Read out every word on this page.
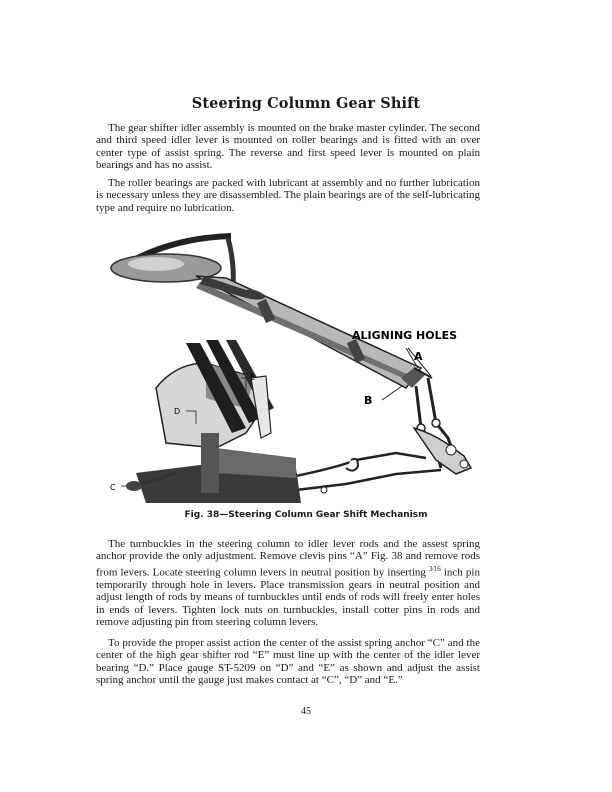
Steering Column Gear Shift
The gear shifter idler assembly is mounted on the brake master cylinder. The second and third speed idler lever is mounted on roller bearings and is fitted with an over center type of assist spring. The reverse and first speed lever is mounted on plain bearings and has no assist.
The roller bearings are packed with lubricant at assembly and no further lubrication is necessary unless they are disassembled. The plain bearings are of the self-lubricating type and require no lubrication.
ALIGNING HOLES
A
B
C
D
E
Fig. 38—Steering Column Gear Shift Mechanism
The turnbuckles in the steering column to idler lever rods and the assest spring anchor provide the only adjustment. Remove clevis pins “A” Fig. 38 and remove rods from levers. Locate steering column levers in neutral position by inserting $^{3⁄16}$ inch pin temporarily through hole in levers. Place transmission gears in neutral position and adjust length of rods by means of turnbuckles until ends of rods will freely enter holes in ends of levers. Tighten lock nuts on turnbuckles, install cotter pins in rods and remove adjusting pin from steering column levers.
To provide the proper assist action the center of the assist spring anchor “C” and the center of the high gear shifter rod “E” must line up with the center of the idler lever bearing “D.” Place gauge ST-5209 on “D” and “E” as shown and adjust the assist spring anchor until the gauge just makes contact at “C”, “D” and “E.”
45
